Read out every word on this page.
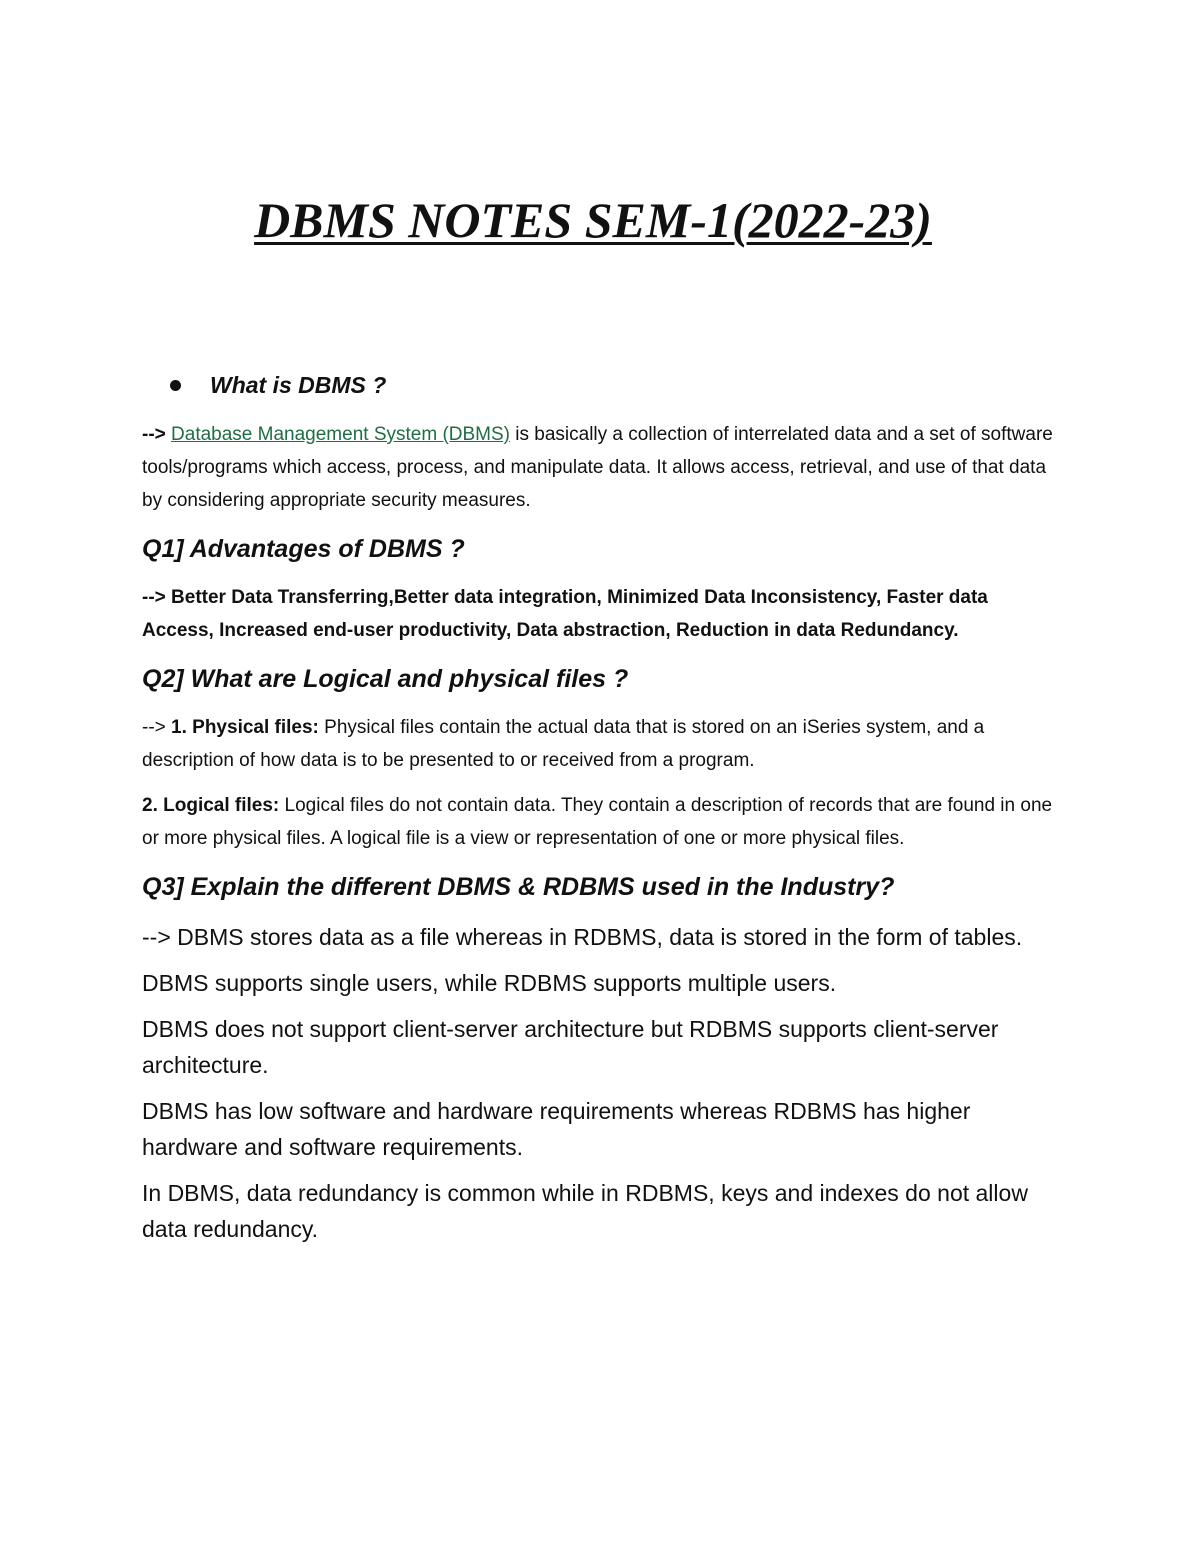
DBMS NOTES SEM-1(2022-23)
What is DBMS ?

--> Database Management System (DBMS) is basically a collection of interrelated data and a set of software tools/programs which access, process, and manipulate data. It allows access, retrieval, and use of that data by considering appropriate security measures.

Q1] Advantages of DBMS ?

--> Better Data Transferring,Better data integration, Minimized Data Inconsistency, Faster data Access, Increased end-user productivity, Data abstraction, Reduction in data Redundancy.

Q2] What are Logical and physical files ?

--> 1. Physical files: Physical files contain the actual data that is stored on an iSeries system, and a description of how data is to be presented to or received from a program.

2. Logical files: Logical files do not contain data. They contain a description of records that are found in one or more physical files. A logical file is a view or representation of one or more physical files.

Q3] Explain the different DBMS & RDBMS used in the Industry?

--> DBMS stores data as a file whereas in RDBMS, data is stored in the form of tables.

DBMS supports single users, while RDBMS supports multiple users.

DBMS does not support client-server architecture but RDBMS supports client-server architecture.

DBMS has low software and hardware requirements whereas RDBMS has higher hardware and software requirements.

In DBMS, data redundancy is common while in RDBMS, keys and indexes do not allow data redundancy.
